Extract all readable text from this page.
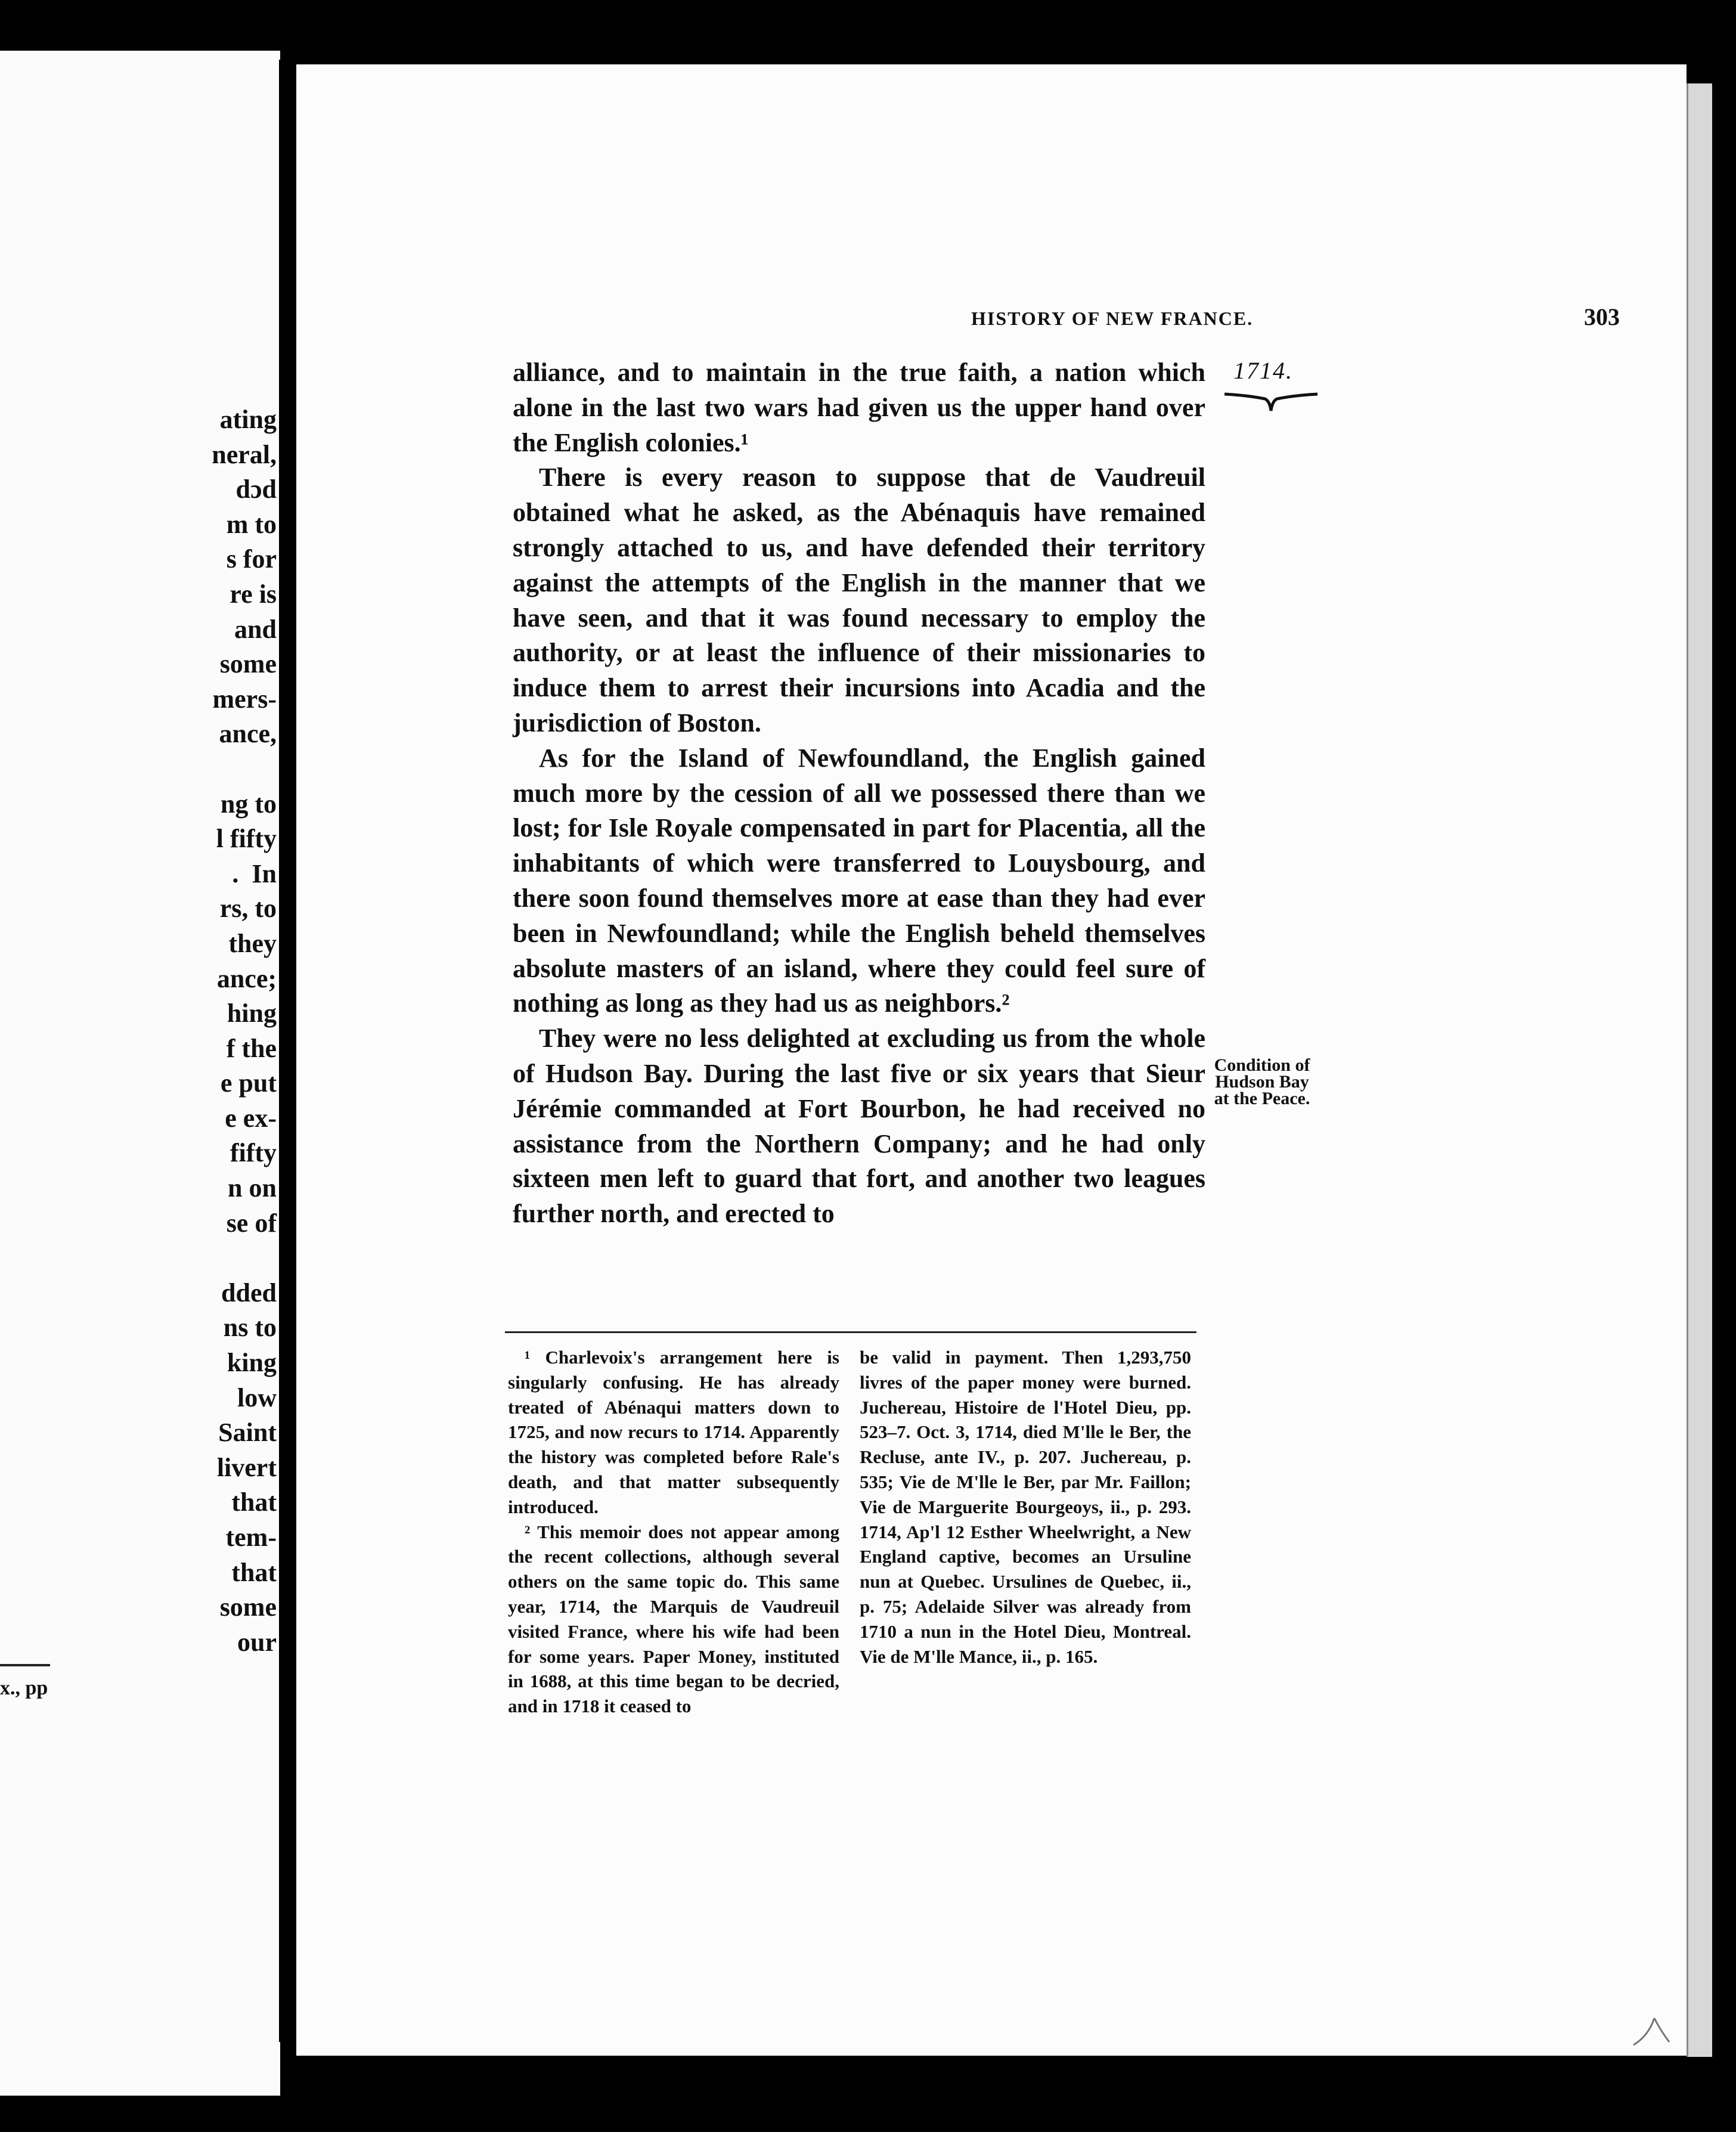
ating
neral,
dɔd
m to
s for
re is
and
some
mers-
ance,
ng to
l fifty
.  In
rs, to
they
ance;
hing
f the
e put
e ex-
fifty
n on
se of
dded
ns to
king
low
Saint
livert
that
tem-
that
some
our
x., pp
HISTORY OF NEW FRANCE.	303

alliance, and to maintain in the true faith, a nation which alone in the last two wars had given us the upper hand over the English colonies.¹

There is every reason to suppose that de Vaudreuil obtained what he asked, as the Abénaquis have remained strongly attached to us, and have defended their territory against the attempts of the English in the manner that we have seen, and that it was found necessary to employ the authority, or at least the influence of their missionaries to induce them to arrest their incursions into Acadia and the jurisdiction of Boston.

As for the Island of Newfoundland, the English gained much more by the cession of all we possessed there than we lost; for Isle Royale compensated in part for Placentia, all the inhabitants of which were transferred to Louysbourg, and there soon found themselves more at ease than they had ever been in Newfoundland; while the English beheld themselves absolute masters of an island, where they could feel sure of nothing as long as they had us as neighbors.²

They were no less delighted at excluding us from the whole of Hudson Bay. During the last five or six years that Sieur Jérémie commanded at Fort Bourbon, he had received no assistance from the Northern Company; and he had only sixteen men left to guard that fort, and another two leagues further north, and erected to

1714.
Condition of Hudson Bay at the Peace.

¹ Charlevoix's arrangement here is singularly confusing. He has already treated of Abénaqui matters down to 1725, and now recurs to 1714. Apparently the history was completed before Rale's death, and that matter subsequently introduced.

² This memoir does not appear among the recent collections, although several others on the same topic do. This same year, 1714, the Marquis de Vaudreuil visited France, where his wife had been for some years. Paper Money, instituted in 1688, at this time began to be decried, and in 1718 it ceased to

be valid in payment. Then 1,293,750 livres of the paper money were burned. Juchereau, Histoire de l'Hotel Dieu, pp. 523–7. Oct. 3, 1714, died M'lle le Ber, the Recluse, ante IV., p. 207. Juchereau, p. 535; Vie de M'lle le Ber, par Mr. Faillon; Vie de Marguerite Bourgeoys, ii., p. 293. 1714, Ap'l 12 Esther Wheelwright, a New England captive, becomes an Ursuline nun at Quebec. Ursulines de Quebec, ii., p. 75; Adelaide Silver was already from 1710 a nun in the Hotel Dieu, Montreal. Vie de M'lle Mance, ii., p. 165.
